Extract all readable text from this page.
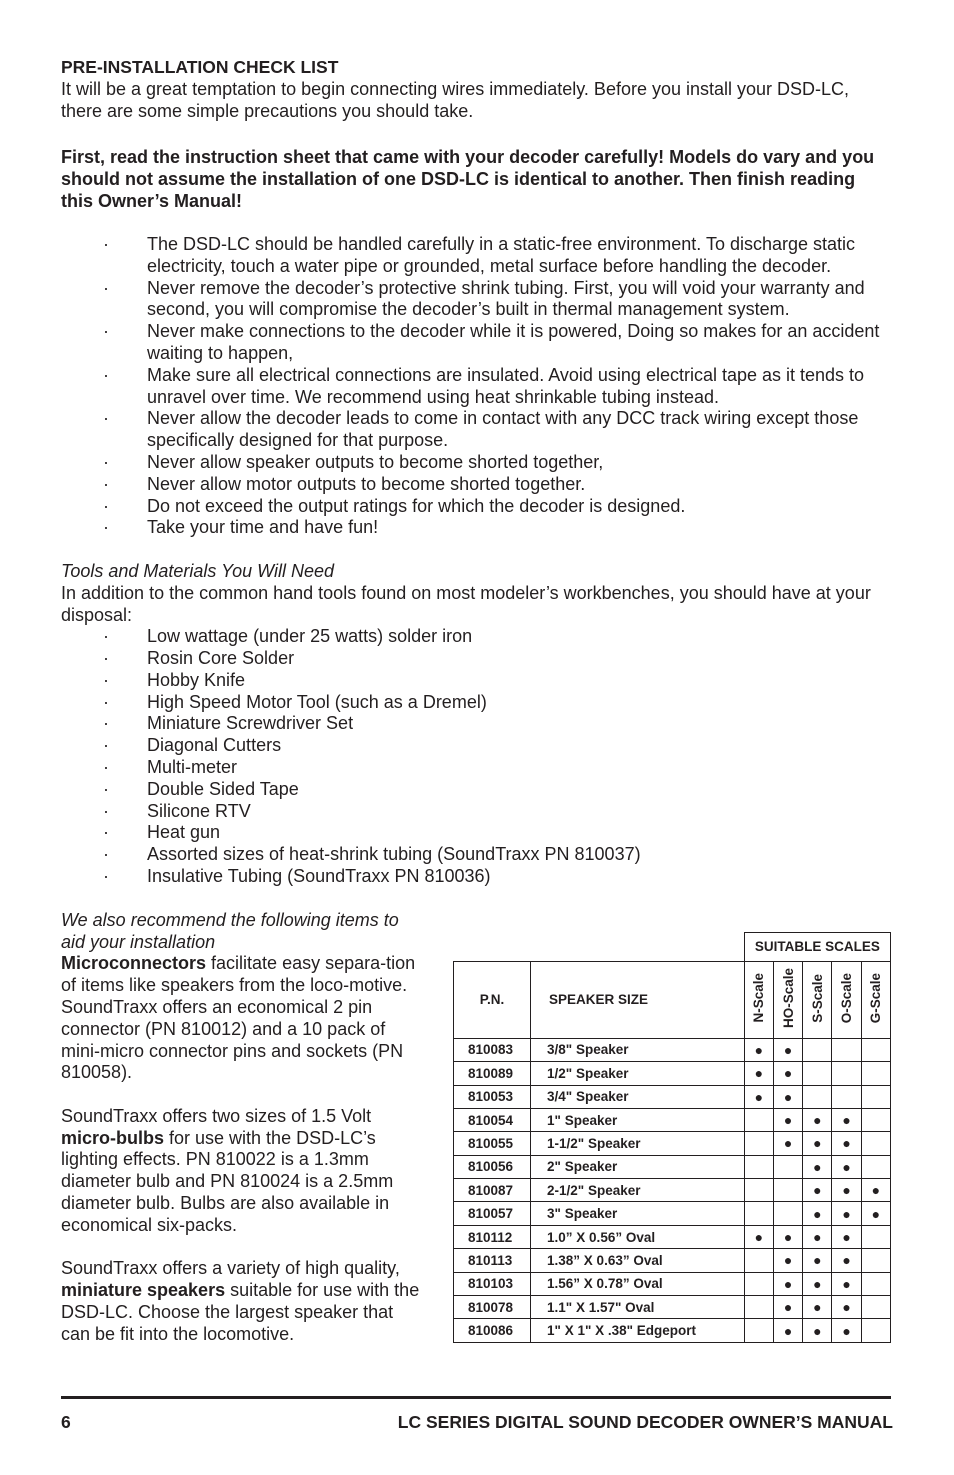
PRE-INSTALLATION CHECK LIST

It will be a great temptation to begin connecting wires immediately. Before you install your DSD-LC, there are some simple precautions you should take.

First, read the instruction sheet that came with your decoder carefully! Models do vary and you should not assume the installation of one DSD-LC is identical to another. Then finish reading this Owner’s Manual!

· The DSD-LC should be handled carefully in a static-free environment. To discharge static electricity, touch a water pipe or grounded, metal surface before handling the decoder.
· Never remove the decoder’s protective shrink tubing. First, you will void your warranty and second, you will compromise the decoder’s built in thermal management system.
· Never make connections to the decoder while it is powered, Doing so makes for an accident waiting to happen,
· Make sure all electrical connections are insulated. Avoid using electrical tape as it tends to unravel over time. We recommend using heat shrinkable tubing instead.
· Never allow the decoder leads to come in contact with any DCC track wiring except those specifically designed for that purpose.
· Never allow speaker outputs to become shorted together,
· Never allow motor outputs to become shorted together.
· Do not exceed the output ratings for which the decoder is designed.
· Take your time and have fun!

Tools and Materials You Will Need

In addition to the common hand tools found on most modeler’s workbenches, you should have at your disposal:

· Low wattage (under 25 watts) solder iron
· Rosin Core Solder
· Hobby Knife
· High Speed Motor Tool (such as a Dremel)
· Miniature Screwdriver Set
· Diagonal Cutters
· Multi-meter
· Double Sided Tape
· Silicone RTV
· Heat gun
· Assorted sizes of heat-shrink tubing (SoundTraxx PN 810037)
· Insulative Tubing (SoundTraxx PN 810036)

We also recommend the following items to aid your installation

Microconnectors facilitate easy separa-tion of items like speakers from the loco-motive. SoundTraxx offers an economical 2 pin connector (PN 810012) and a 10 pack of mini-micro connector pins and sockets (PN 810058).

SoundTraxx offers two sizes of 1.5 Volt micro-bulbs for use with the DSD-LC’s lighting effects. PN 810022 is a 1.3mm diameter bulb and PN 810024 is a 2.5mm diameter bulb. Bulbs are also available in economical six-packs.

SoundTraxx offers a variety of high quality, miniature speakers suitable for use with the DSD-LC. Choose the largest speaker that can be fit into the locomotive.

		SUITABLE SCALES				
P.N.	SPEAKER SIZE	N-Scale	HO-Scale	S-Scale	O-Scale	G-Scale
810083	3/8" Speaker	●	●			
810089	1/2" Speaker	●	●			
810053	3/4" Speaker	●	●			
810054	1" Speaker		●	●	●	
810055	1-1/2" Speaker		●	●	●	
810056	2" Speaker			●	●	
810087	2-1/2" Speaker			●	●	●
810057	3" Speaker			●	●	●
810112	1.0” X 0.56” Oval	●	●	●	●	
810113	1.38” X 0.63” Oval		●	●	●	
810103	1.56” X 0.78” Oval		●	●	●	
810078	1.1" X 1.57" Oval		●	●	●	
810086	1" X 1" X .38" Edgeport		●	●	●	
6	LC SERIES DIGITAL SOUND DECODER OWNER’S MANUAL
